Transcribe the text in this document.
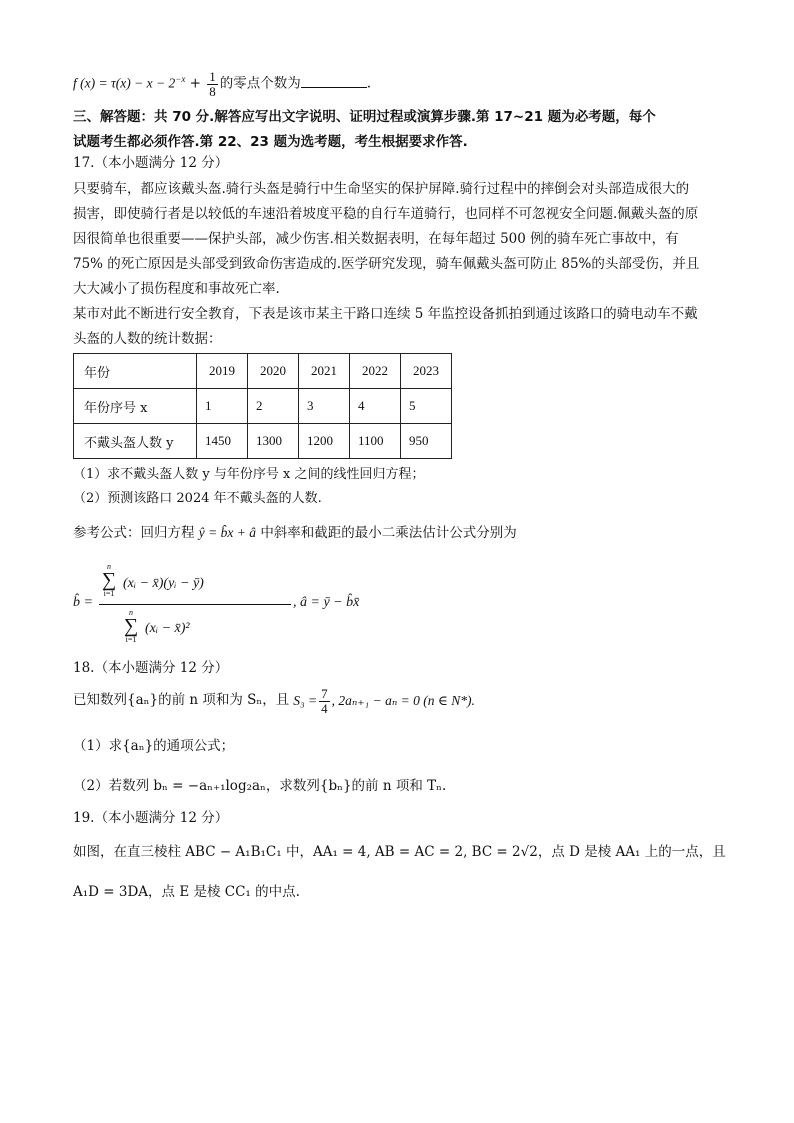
f $(x) = \tau(x) - x - 2^{-x} + \frac{1}{8}$ 的零点个数为	.
三、解答题：共 70 分.解答应写出文字说明、证明过程或演算步骤.第 17~21 题为必考题，每个
试题考生都必须作答.第 22、23 题为选考题，考生根据要求作答.
17.（本小题满分 12 分）
只要骑车，都应该戴头盔.骑行头盔是骑行中生命坚实的保护屏障.骑行过程中的摔倒会对头部造成很大的
损害，即使骑行者是以较低的车速沿着坡度平稳的自行车道骑行，也同样不可忽视安全问题.佩戴头盔的原
因很简单也很重要——保护头部，减少伤害.相关数据表明，在每年超过 500 例的骑车死亡事故中，有
75% 的死亡原因是头部受到致命伤害造成的.医学研究发现，骑车佩戴头盔可防止 85%的头部受伤，并且
大大减小了损伤程度和事故死亡率.
某市对此不断进行安全教育，下表是该市某主干路口连续 5 年监控设备抓拍到通过该路口的骑电动车不戴
头盔的人数的统计数据：
年份	2019	2020	2021	2022	2023
年份序号 x	1	2	3	4	5
不戴头盔人数 y	1450	1300	1200	1100	950
（1）求不戴头盔人数 y 与年份序号 x 之间的线性回归方程；
（2）预测该路口 2024 年不戴头盔的人数.
参考公式：回归方程 ŷ = b̂x + â 中斜率和截距的最小二乘法估计公式分别为
b̂ =
n
∑
i=1
(xᵢ − x̄)(yᵢ − ȳ)
n
∑
i=1
(xᵢ − x̄)²
, â = ȳ − b̂x̄
18.（本小题满分 12 分）
已知数列{aₙ}的前 n 项和为 Sₙ，且 $S_3 = \frac{7}{4}$ , 2aₙ₊₁ − aₙ = 0 (n ∈ N*).
（1）求{aₙ}的通项公式；
（2）若数列 bₙ = −aₙ₊₁log₂aₙ，求数列{bₙ}的前 n 项和 Tₙ.
19.（本小题满分 12 分）
如图，在直三棱柱 ABC − A₁B₁C₁ 中，AA₁ = 4, AB = AC = 2, BC = 2√2，点 D 是棱 AA₁ 上的一点，且
A₁D = 3DA，点 E 是棱 CC₁ 的中点.
